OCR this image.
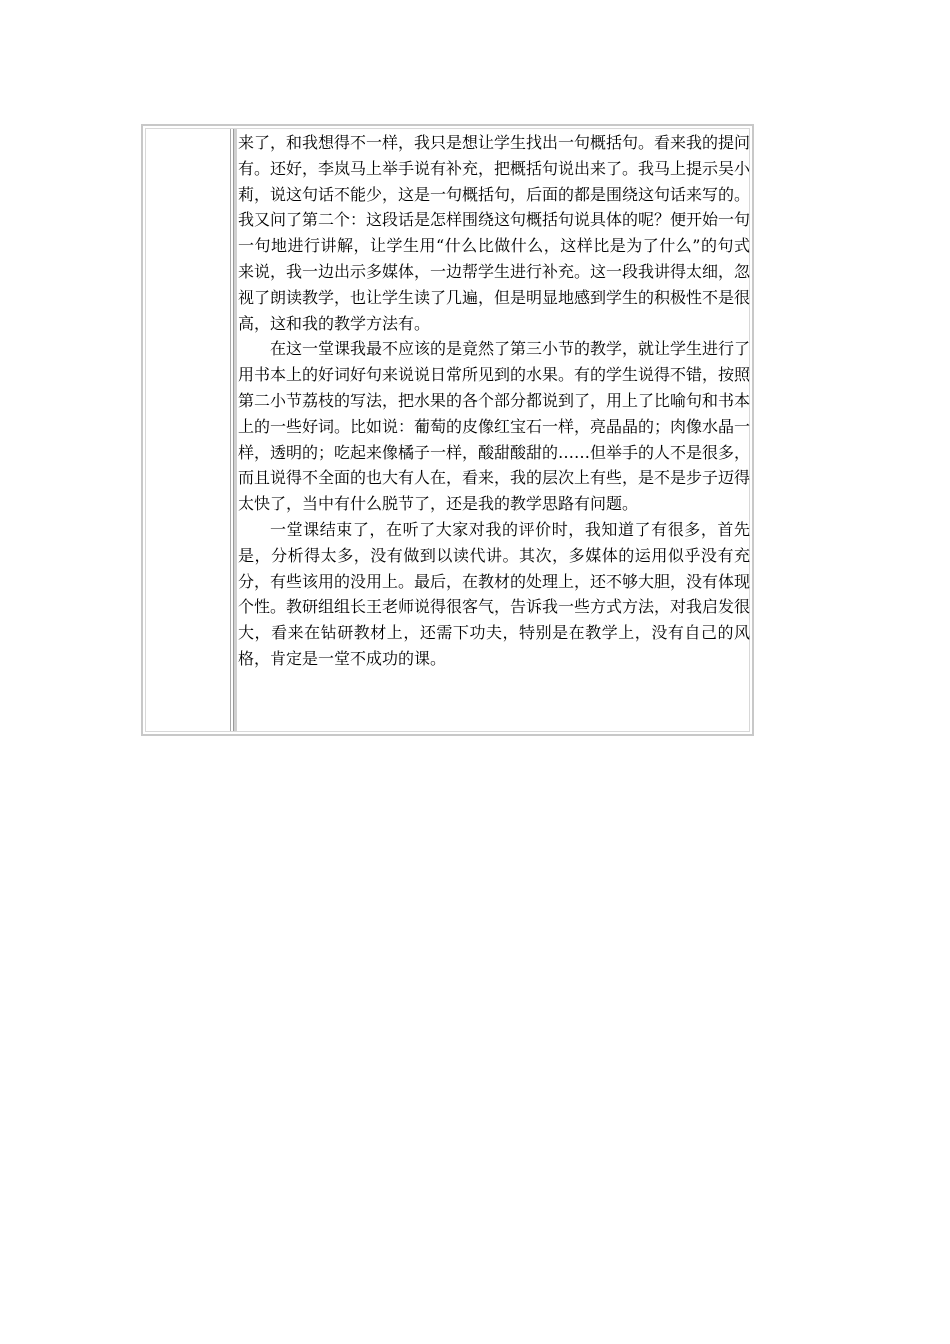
来了，和我想得不一样，我只是想让学生找出一句概括句。看来我的提问有。还好，李岚马上举手说有补充，把概括句说出来了。我马上提示吴小莉，说这句话不能少，这是一句概括句，后面的都是围绕这句话来写的。我又问了第二个：这段话是怎样围绕这句概括句说具体的呢？便开始一句一句地进行讲解，让学生用“什么比做什么，这样比是为了什么”的句式来说，我一边出示多媒体，一边帮学生进行补充。这一段我讲得太细，忽视了朗读教学，也让学生读了几遍，但是明显地感到学生的积极性不是很高，这和我的教学方法有。

在这一堂课我最不应该的是竟然了第三小节的教学，就让学生进行了用书本上的好词好句来说说日常所见到的水果。有的学生说得不错，按照第二小节荔枝的写法，把水果的各个部分都说到了，用上了比喻句和书本上的一些好词。比如说：葡萄的皮像红宝石一样，亮晶晶的；肉像水晶一样，透明的；吃起来像橘子一样，酸甜酸甜的……但举手的人不是很多，而且说得不全面的也大有人在，看来，我的层次上有些，是不是步子迈得太快了，当中有什么脱节了，还是我的教学思路有问题。

一堂课结束了，在听了大家对我的评价时，我知道了有很多，首先是，分析得太多，没有做到以读代讲。其次，多媒体的运用似乎没有充分，有些该用的没用上。最后，在教材的处理上，还不够大胆，没有体现个性。教研组组长王老师说得很客气，告诉我一些方式方法，对我启发很大，看来在钻研教材上，还需下功夫，特别是在教学上，没有自己的风格，肯定是一堂不成功的课。
